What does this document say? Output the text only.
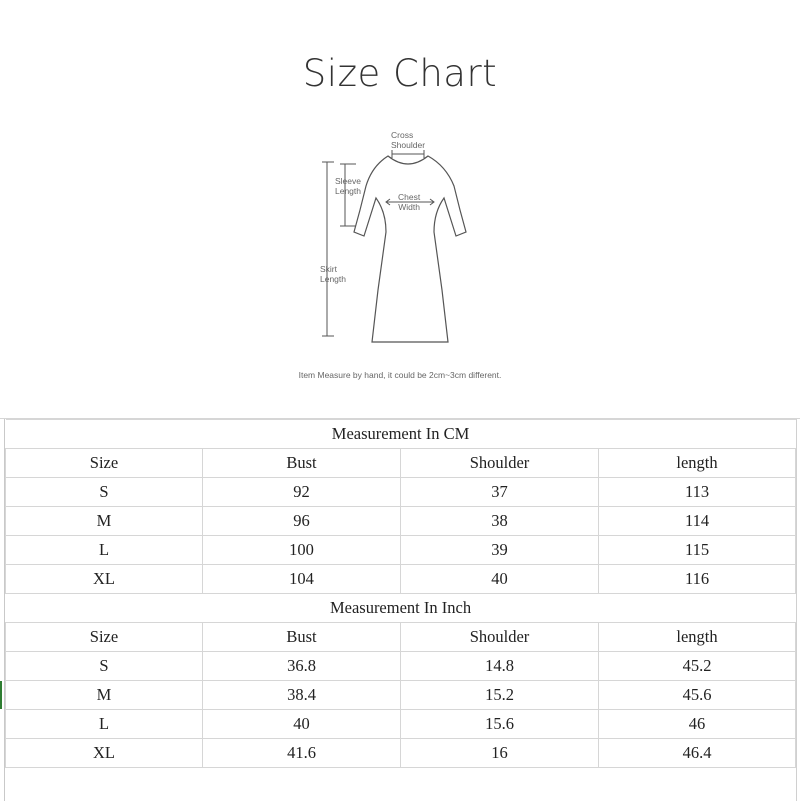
Size Chart
Cross
Shoulder
Sleeve
Length
Chest
Width
Skirt
Length
Item Measure by hand, it could be 2cm~3cm different.
Measurement In CM			
Size	Bust	Shoulder	length
S	92	37	113
M	96	38	114
L	100	39	115
XL	104	40	116
Measurement In Inch			
Size	Bust	Shoulder	length
S	36.8	14.8	45.2
M	38.4	15.2	45.6
L	40	15.6	46
XL	41.6	16	46.4
